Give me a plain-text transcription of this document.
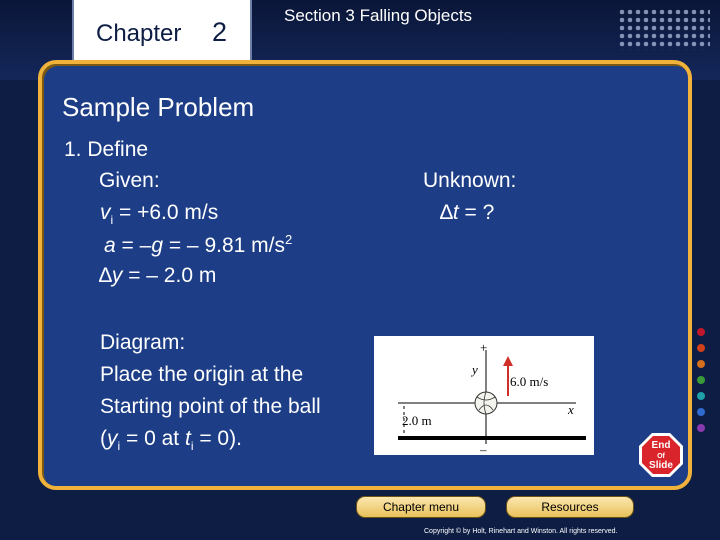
Chapter 2
Section 3 Falling Objects
Sample Problem
1. Define
Given:
$v_i = +6.0$ m/s
a = –g = – 9.81 $m/s^2$
∆y = – 2.0 m
Unknown:
∆t = ?
Diagram:
Place the origin at the
Starting point of the ball
($y_i = 0$ at $t_i = 0$).
+
–
y
x
6.0 m/s
2.0 m
End
Of
Slide
Chapter menu	Resources
Copyright © by Holt, Rinehart and Winston. All rights reserved.
